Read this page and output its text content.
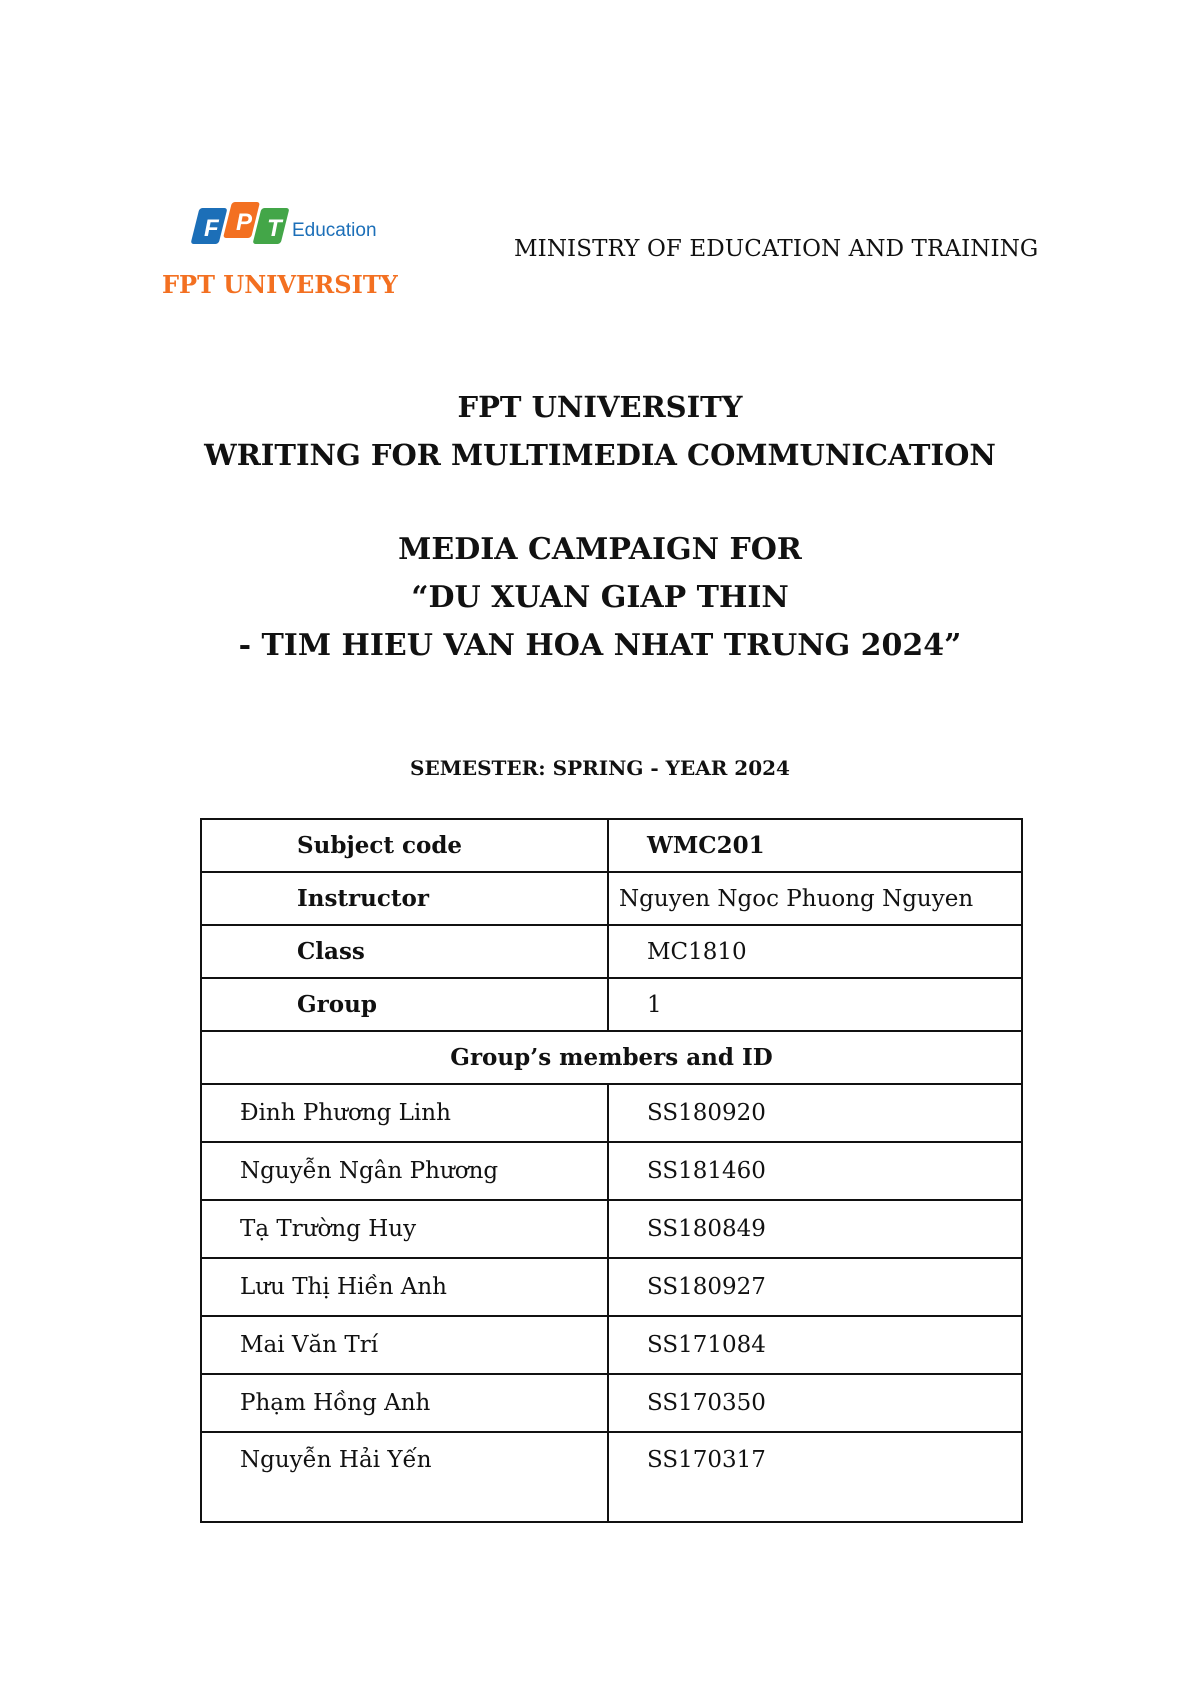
F P T Education
FPT UNIVERSITY
MINISTRY OF EDUCATION AND TRAINING
FPT UNIVERSITY
WRITING FOR MULTIMEDIA COMMUNICATION
MEDIA CAMPAIGN FOR
“DU XUAN GIAP THIN
- TIM HIEU VAN HOA NHAT TRUNG 2024”
SEMESTER: SPRING - YEAR 2024
Subject code	WMC201
Instructor	Nguyen Ngoc Phuong Nguyen
Class	MC1810
Group	1
Group’s members and ID	
Đinh Phương Linh	SS180920
Nguyễn Ngân Phương	SS181460
Tạ Trường Huy	SS180849
Lưu Thị Hiền Anh	SS180927
Mai Văn Trí	SS171084
Phạm Hồng Anh	SS170350
Nguyễn Hải Yến	SS170317
